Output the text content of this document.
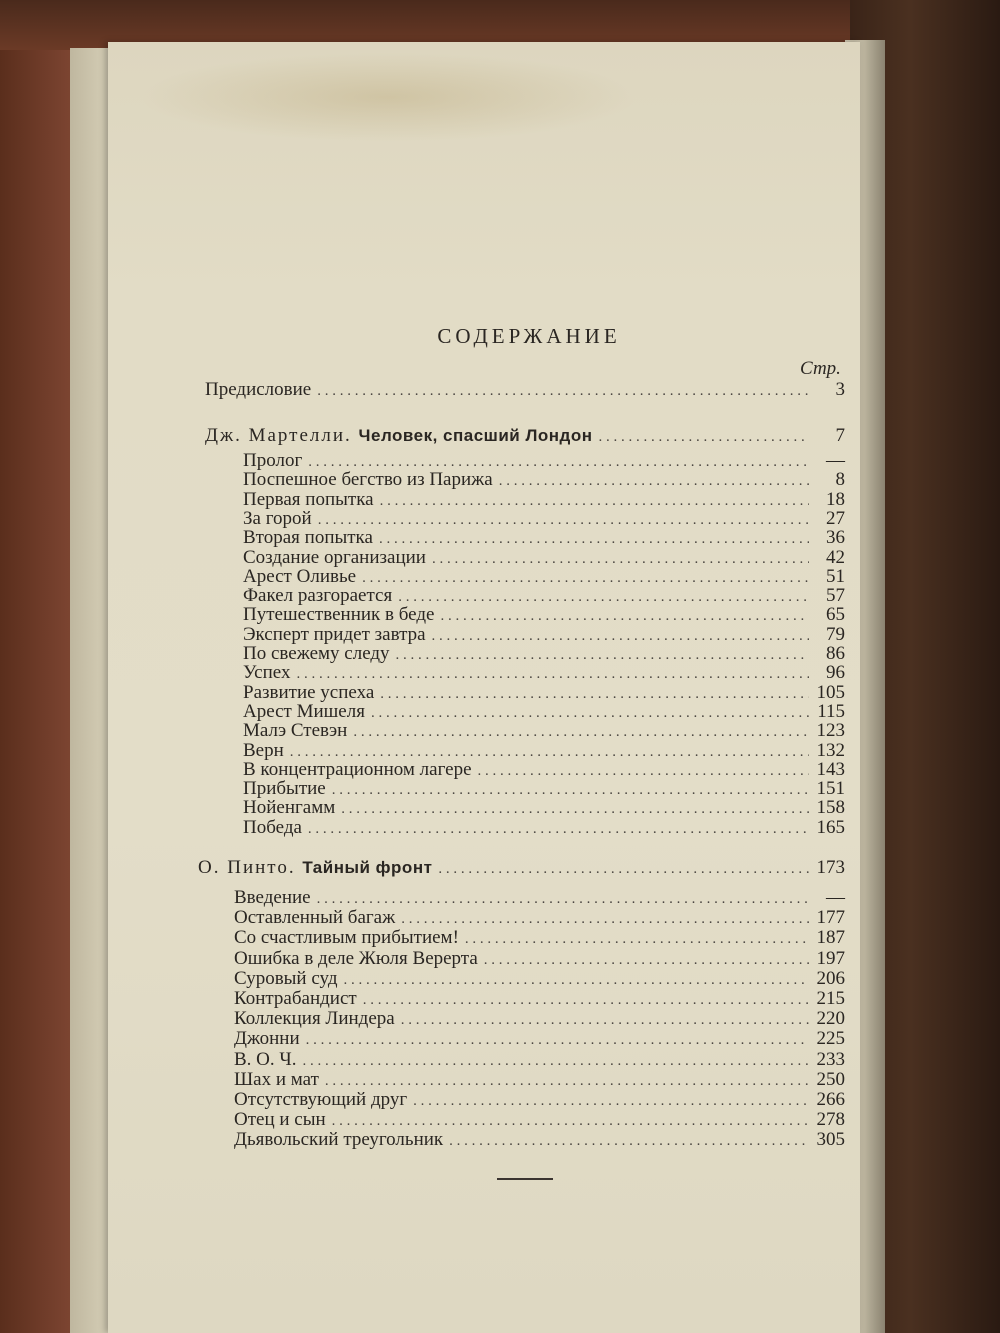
СОДЕРЖАНИЕ
Стр.
Предисловие . . .	3
Дж. Мартелли. Человек, спасший Лондон . . .	7
Пролог . . .	—
Поспешное бегство из Парижа . . .	8
Первая попытка . . .	18
За горой . . .	27
Вторая попытка . . .	36
Создание организации . . .	42
Арест Оливье . . .	51
Факел разгорается . . .	57
Путешественник в беде . . .	65
Эксперт придет завтра . . .	79
По свежему следу . . .	86
Успех . . .	96
Развитие успеха . . .	105
Арест Мишеля . . .	115
Малэ Стевэн . . .	123
Верн . . .	132
В концентрационном лагере . . .	143
Прибытие . . .	151
Нойенгамм . . .	158
Победа . . .	165
О. Пинто. Тайный фронт . . .	173
Введение . . .	—
Оставленный багаж . . .	177
Со счастливым прибытием! . . .	187
Ошибка в деле Жюля Верерта . . .	197
Суровый суд . . .	206
Контрабандист . . .	215
Коллекция Линдера . . .	220
Джонни . . .	225
В. О. Ч. . . .	233
Шах и мат . . .	250
Отсутствующий друг . . .	266
Отец и сын . . .	278
Дьявольский треугольник . . .	305
